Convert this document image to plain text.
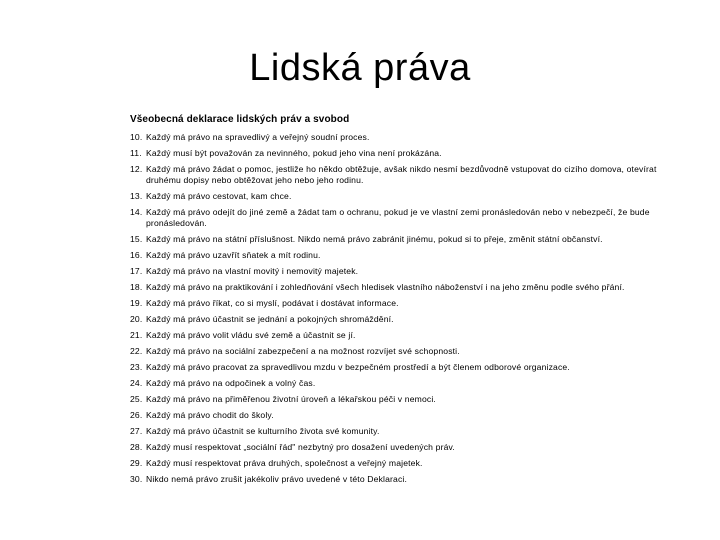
Lidská práva
Všeobecná deklarace lidských práv a svobod
10. Každý má právo na spravedlivý a veřejný soudní proces.
11. Každý musí být považován za nevinného, pokud jeho vina není prokázána.
12. Každý má právo žádat o pomoc, jestliže ho někdo obtěžuje, avšak nikdo nesmí bezdůvodně vstupovat do cizího domova, otevírat druhému dopisy nebo obtěžovat jeho nebo jeho rodinu.
13. Každý má právo cestovat, kam chce.
14. Každý má právo odejít do jiné země a žádat tam o ochranu, pokud je ve vlastní zemi pronásledován nebo v nebezpečí, že bude pronásledován.
15. Každý má právo na státní příslušnost. Nikdo nemá právo zabránit jinému, pokud si to přeje, změnit státní občanství.
16. Každý má právo uzavřít sňatek a mít rodinu.
17. Každý má právo na vlastní movitý i nemovitý majetek.
18. Každý má právo na praktikování i zohledňování všech hledisek vlastního náboženství i na jeho změnu podle svého přání.
19. Každý má právo říkat, co si myslí, podávat i dostávat informace.
20. Každý má právo účastnit se jednání a pokojných shromáždění.
21. Každý má právo volit vládu své země a účastnit se jí.
22. Každý má právo na sociální zabezpečení a na možnost rozvíjet své schopnosti.
23. Každý má právo pracovat za spravedlivou mzdu v bezpečném prostředí a být členem odborové organizace.
24. Každý má právo na odpočinek a volný čas.
25. Každý má právo na přiměřenou životní úroveň a lékařskou péči v nemoci.
26. Každý má právo chodit do školy.
27. Každý má právo účastnit se kulturního života své komunity.
28. Každý musí respektovat „sociální řád" nezbytný pro dosažení uvedených práv.
29. Každý musí respektovat práva druhých, společnost a veřejný majetek.
30. Nikdo nemá právo zrušit jakékoliv právo uvedené v této Deklaraci.
